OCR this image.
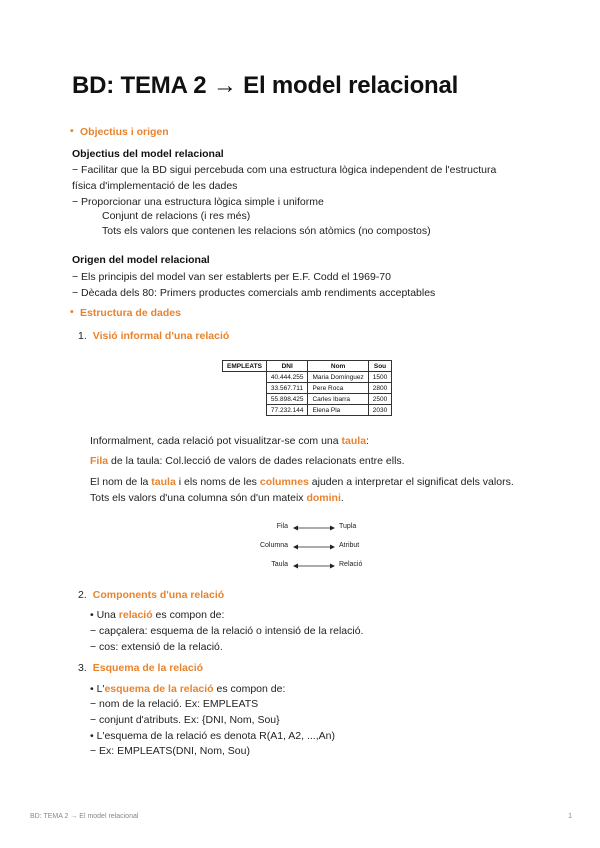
BD: TEMA 2 → El model relacional
• Objectius i origen
Objectius del model relacional
− Facilitar que la BD sigui percebuda com una estructura lògica independent de l'estructura
física d'implementació de les dades
− Proporcionar una estructura lògica simple i uniforme
Conjunt de relacions (i res més)
Tots els valors que contenen les relacions són atòmics (no compostos)
Origen del model relacional
− Els principis del model van ser establerts per E.F. Codd el 1969-70
− Dècada dels 80: Primers productes comercials amb rendiments acceptables
• Estructura de dades
1. Visió informal d'una relació
EMPLEATS	DNI	Nom	Sou
	40.444.255	Maria Domínguez	1500
	33.567.711	Pere Roca	2800
	55.898.425	Carles Ibarra	2500
	77.232.144	Elena Pla	2030
Informalment, cada relació pot visualitzar-se com una taula:
Fila de la taula: Col.lecció de valors de dades relacionats entre ells.
El nom de la taula i els noms de les columnes ajuden a interpretar el significat dels valors.
Tots els valors d'una columna són d'un mateix domini.
Fila	Tupla
Columna	Atribut
Taula	Relació
2. Components d'una relació
• Una relació es compon de:
− capçalera: esquema de la relació o intensió de la relació.
− cos: extensió de la relació.
3. Esquema de la relació
• L'esquema de la relació es compon de:
− nom de la relació. Ex: EMPLEATS
− conjunt d'atributs. Ex: {DNI, Nom, Sou}
• L'esquema de la relació es denota R(A1, A2, ...,An)
− Ex: EMPLEATS(DNI, Nom, Sou)
BD: TEMA 2 → El model relacional	1
